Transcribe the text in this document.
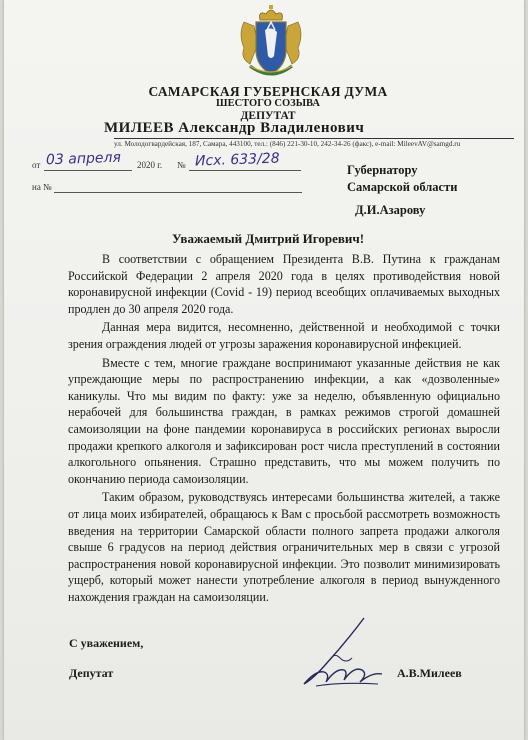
САМАРСКАЯ ГУБЕРНСКАЯ ДУМА
ШЕСТОГО СОЗЫВА
ДЕПУТАТ
МИЛЕЕВ Александр Владиленович
ул. Молодогвардейская, 187, Самара, 443100, тел.: (846) 221-30-10, 242-34-26 (факс), e-mail: MileevAV@samgd.ru
от 03 апреля 2020 г. № Исх. 633/28
на №
Губернатору
Самарской области
Д.И.Азарову
Уважаемый Дмитрий Игоревич!

В соответствии с обращением Президента В.В. Путина к гражданам Российской Федерации 2 апреля 2020 года в целях противодействия новой коронавирусной инфекции (Covid - 19) период всеобщих оплачиваемых выходных продлен до 30 апреля 2020 года.

Данная мера видится, несомненно, действенной и необходимой с точки зрения ограждения людей от угрозы заражения коронавирусной инфекцией.

Вместе с тем, многие граждане воспринимают указанные действия не как упреждающие меры по распространению инфекции, а как «дозволенные» каникулы. Что мы видим по факту: уже за неделю, объявленную официально нерабочей для большинства граждан, в рамках режимов строгой домашней самоизоляции на фоне пандемии коронавируса в российских регионах выросли продажи крепкого алкоголя и зафиксирован рост числа преступлений в состоянии алкогольного опьянения. Страшно представить, что мы можем получить по окончанию периода самоизоляции.

Таким образом, руководствуясь интересами большинства жителей, а также от лица моих избирателей, обращаюсь к Вам с просьбой рассмотреть возможность введения на территории Самарской области полного запрета продажи алкоголя свыше 6 градусов на период действия ограничительных мер в связи с угрозой распространения новой коронавирусной инфекции. Это позволит минимизировать ущерб, который может нанести употребление алкоголя в период вынужденного нахождения граждан на самоизоляции.

С уважением,
Депутат	А.В.Милеев
